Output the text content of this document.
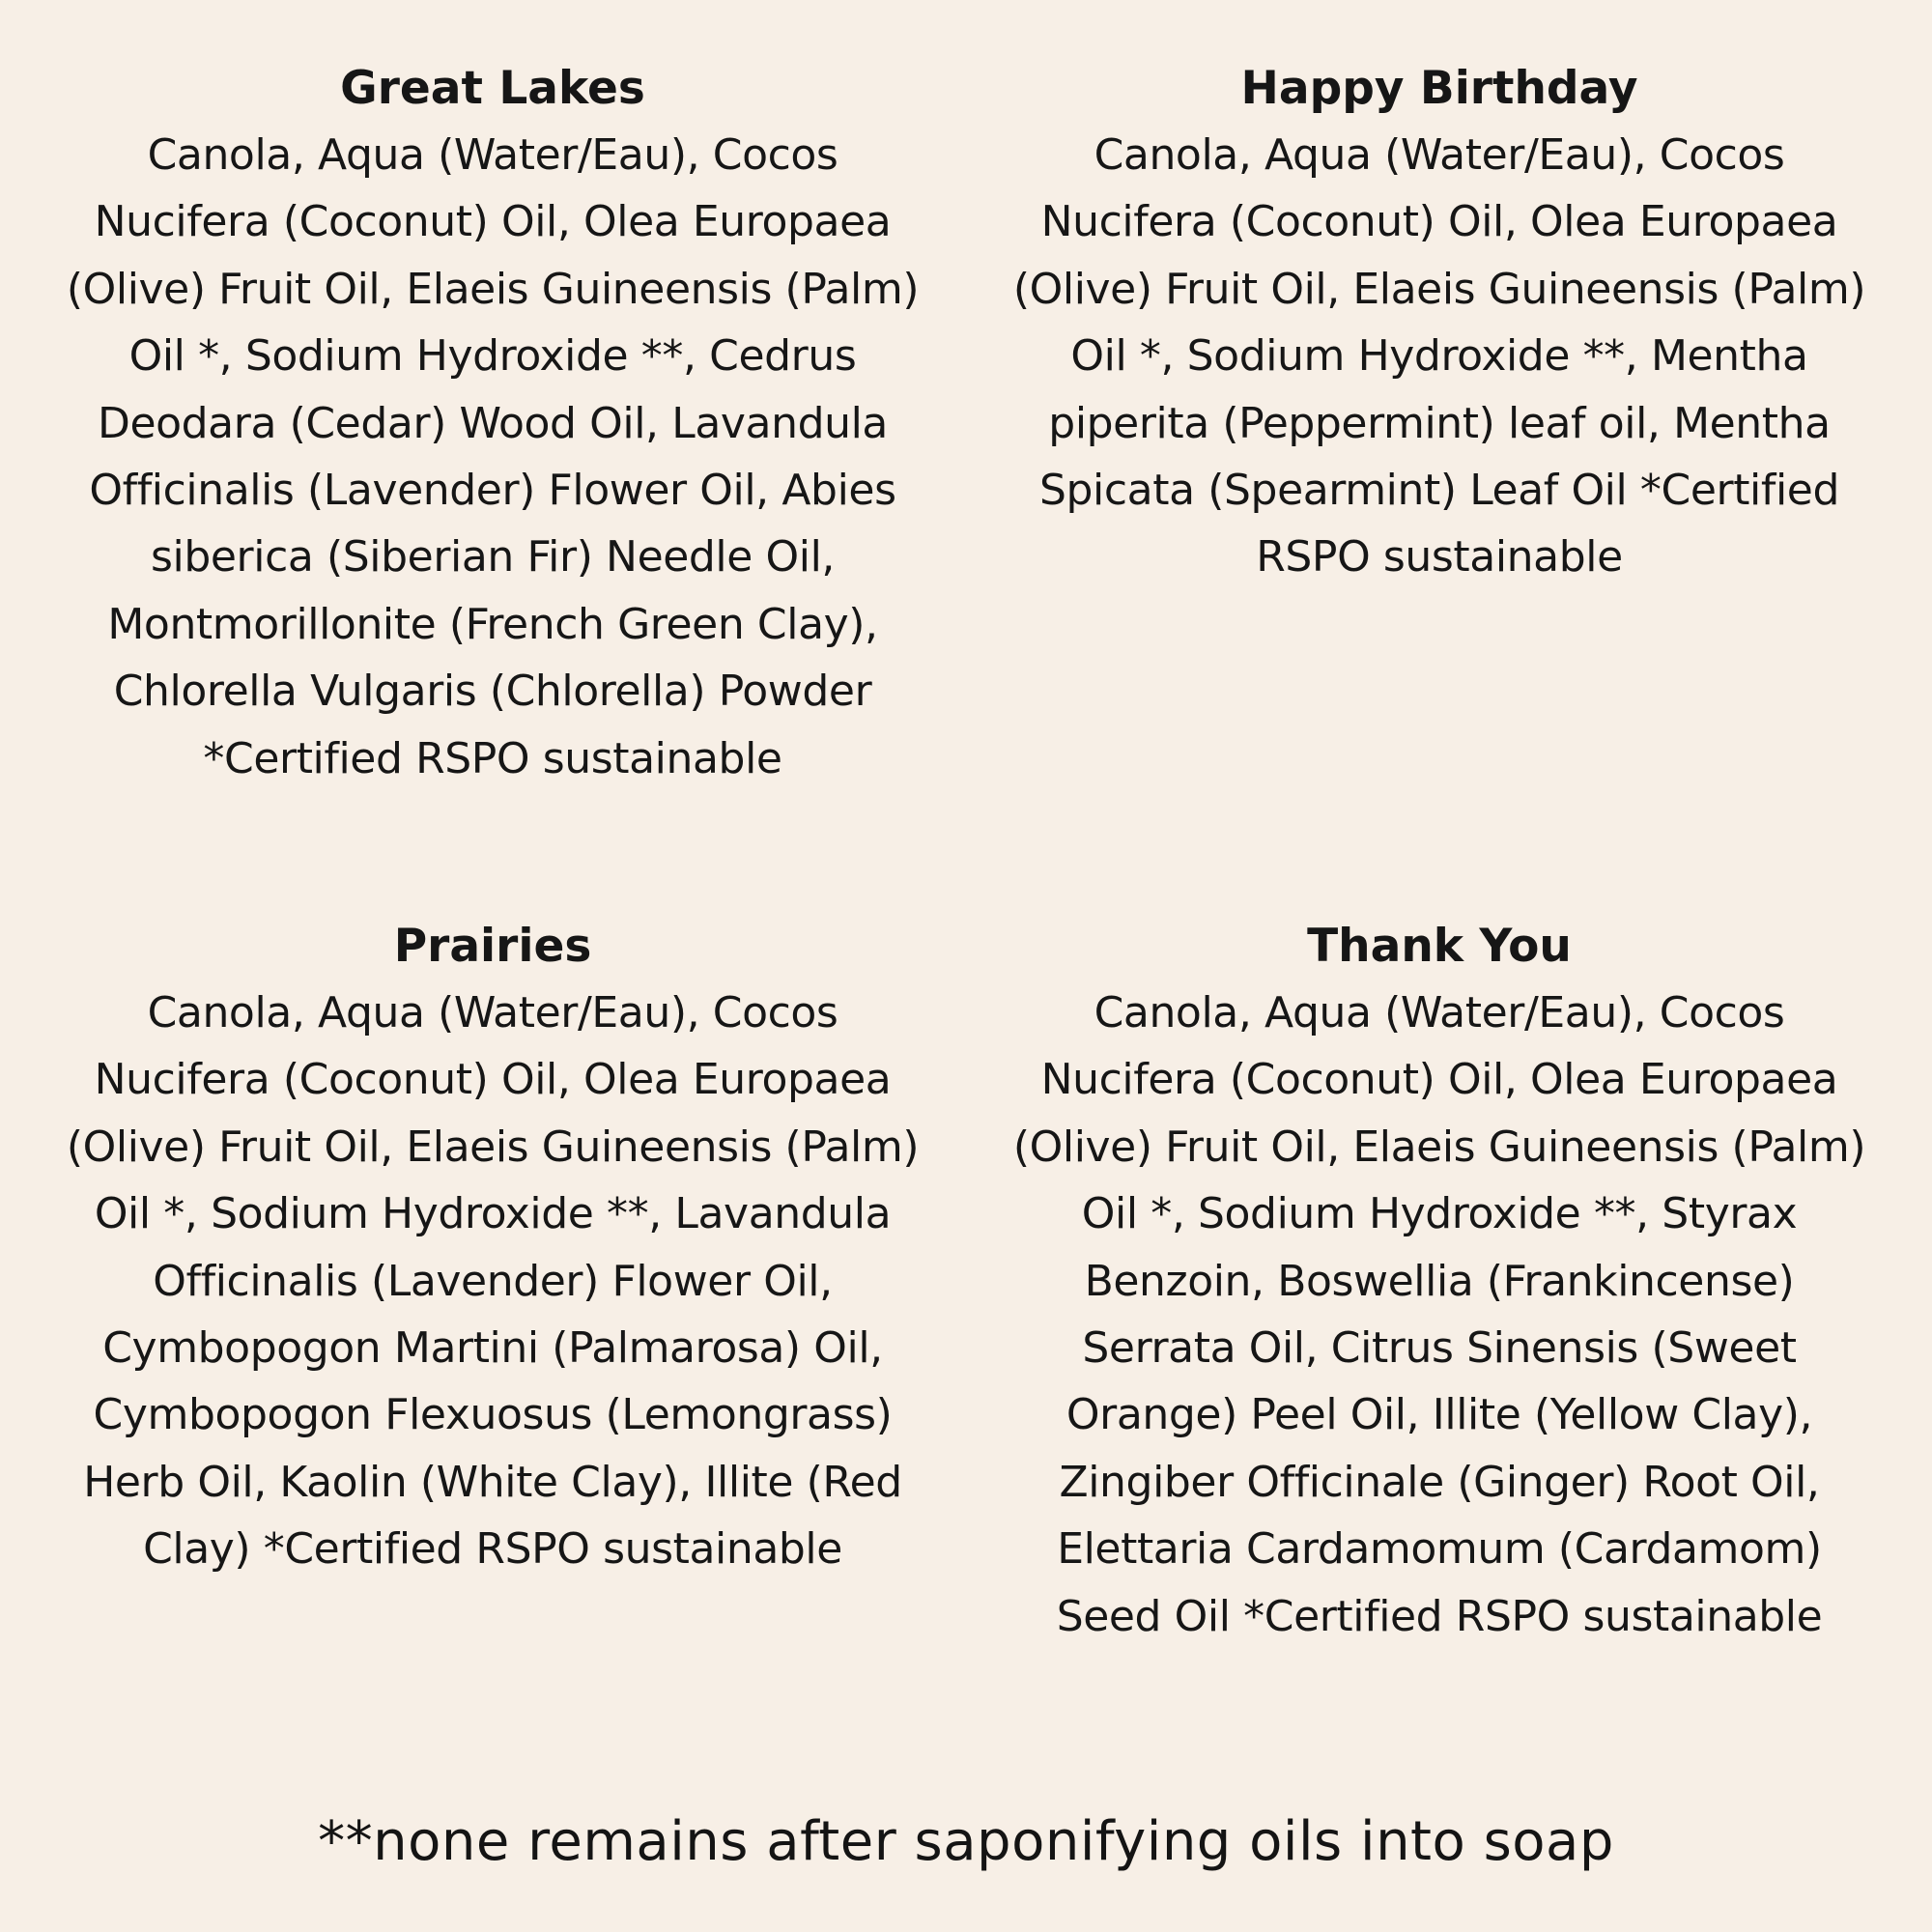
Great Lakes

Canola, Aqua (Water/Eau), Cocos
Nucifera (Coconut) Oil, Olea Europaea
(Olive) Fruit Oil, Elaeis Guineensis (Palm)
Oil *, Sodium Hydroxide **, Cedrus
Deodara (Cedar) Wood Oil, Lavandula
Officinalis (Lavender) Flower Oil, Abies
siberica (Siberian Fir) Needle Oil,
Montmorillonite (French Green Clay),
Chlorella Vulgaris (Chlorella) Powder
*Certified RSPO sustainable

Happy Birthday

Canola, Aqua (Water/Eau), Cocos
Nucifera (Coconut) Oil, Olea Europaea
(Olive) Fruit Oil, Elaeis Guineensis (Palm)
Oil *, Sodium Hydroxide **, Mentha
piperita (Peppermint) leaf oil, Mentha
Spicata (Spearmint) Leaf Oil *Certified
RSPO sustainable

Prairies

Canola, Aqua (Water/Eau), Cocos
Nucifera (Coconut) Oil, Olea Europaea
(Olive) Fruit Oil, Elaeis Guineensis (Palm)
Oil *, Sodium Hydroxide **, Lavandula
Officinalis (Lavender) Flower Oil,
Cymbopogon Martini (Palmarosa) Oil,
Cymbopogon Flexuosus (Lemongrass)
Herb Oil, Kaolin (White Clay), Illite (Red
Clay) *Certified RSPO sustainable

Thank You

Canola, Aqua (Water/Eau), Cocos
Nucifera (Coconut) Oil, Olea Europaea
(Olive) Fruit Oil, Elaeis Guineensis (Palm)
Oil *, Sodium Hydroxide **, Styrax
Benzoin, Boswellia (Frankincense)
Serrata Oil, Citrus Sinensis (Sweet
Orange) Peel Oil, Illite (Yellow Clay),
Zingiber Officinale (Ginger) Root Oil,
Elettaria Cardamomum (Cardamom)
Seed Oil *Certified RSPO sustainable

**none remains after saponifying oils into soap
